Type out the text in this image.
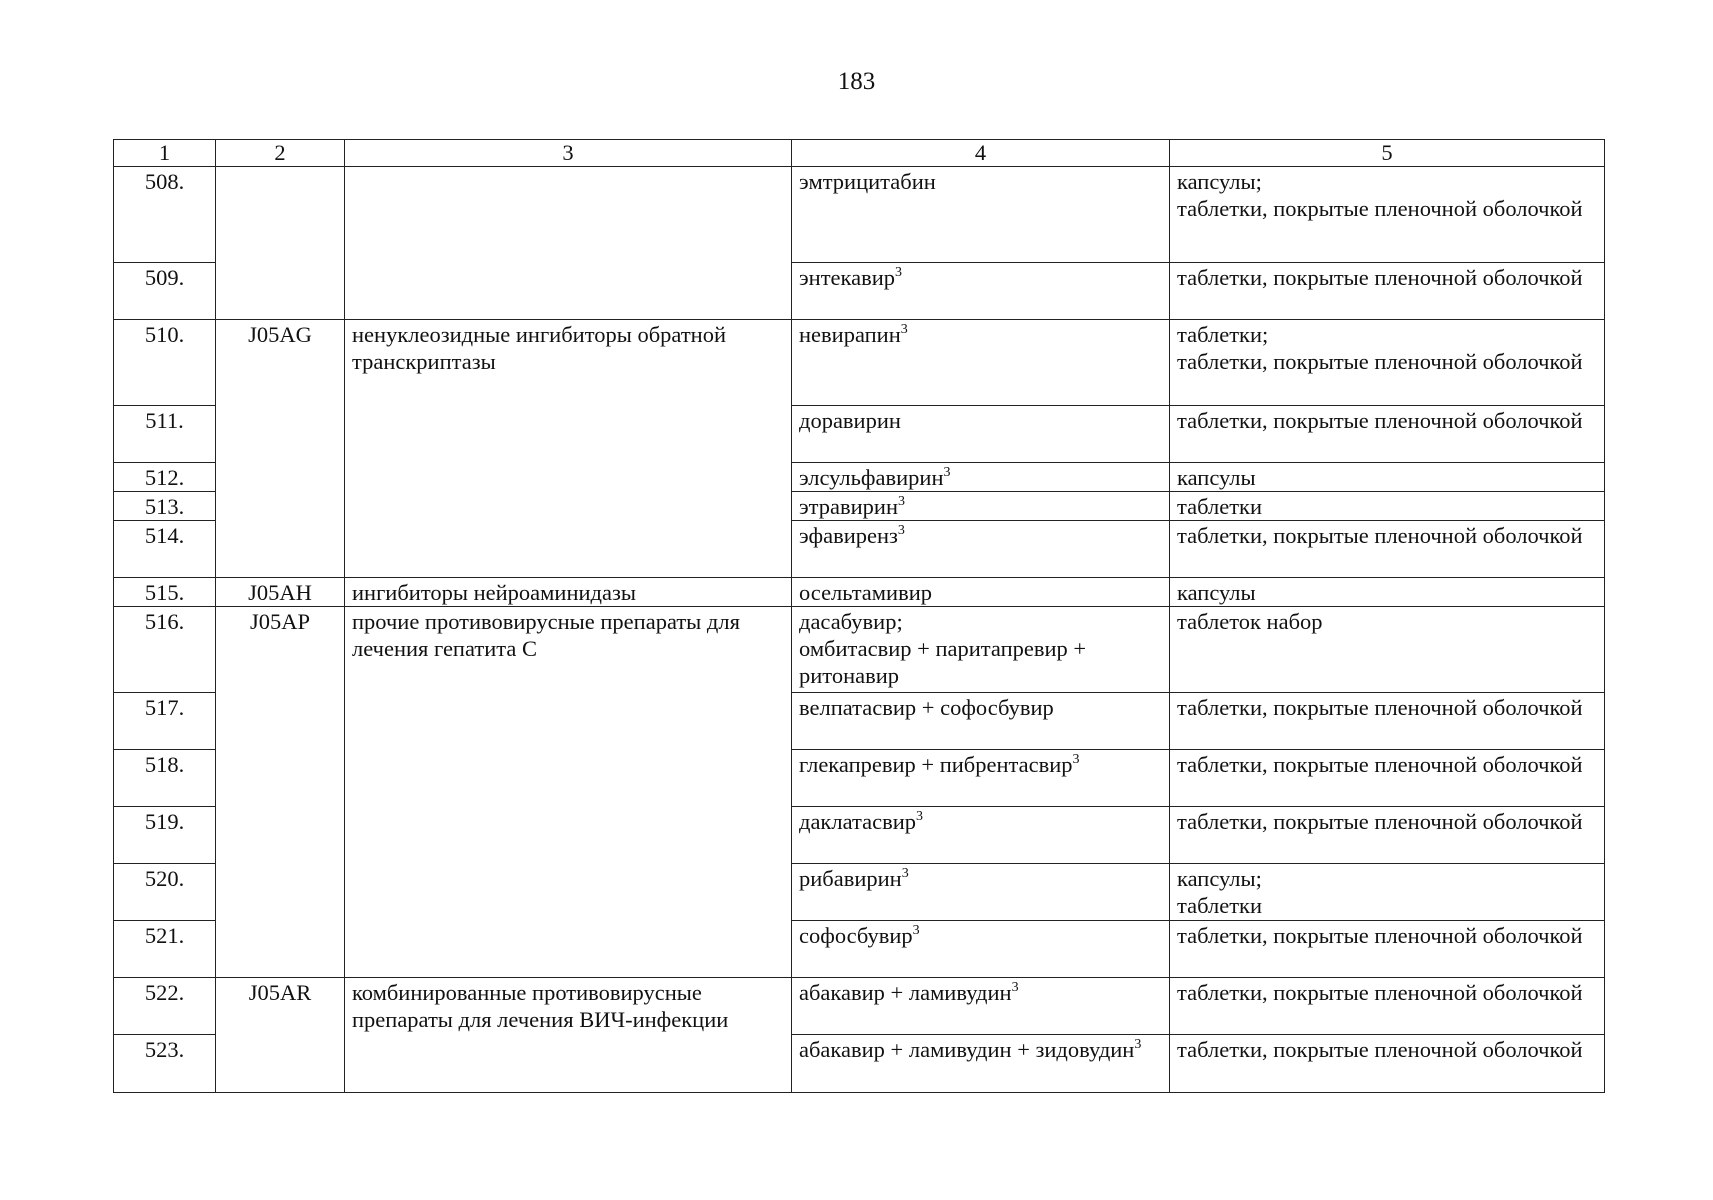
183
1	2	3	4	5
508.			эмтрицитабин	капсулы;
таблетки, покрытые пленочной оболочкой

509.			энтекавир$^3$	таблетки, покрытые пленочной оболочкой

510.	J05AG	ненуклеозидные ингибиторы обратной транскриптазы	невирапин$^3$	таблетки;
таблетки, покрытые пленочной оболочкой

511.			доравирин	таблетки, покрытые пленочной оболочкой

512.			элсульфавирин$^3$	капсулы

513.			этравирин$^3$	таблетки

514.			эфавиренз$^3$	таблетки, покрытые пленочной оболочкой

515.	J05AH	ингибиторы нейроаминидазы	осельтамивир	капсулы

516.	J05AP	прочие противовирусные препараты для лечения гепатита С	дасабувир;
омбитасвир + паритапревир + ритонавир	таблеток набор

517.			велпатасвир + софосбувир	таблетки, покрытые пленочной оболочкой

518.			глекапревир + пибрентасвир$^3$	таблетки, покрытые пленочной оболочкой

519.			даклатасвир$^3$	таблетки, покрытые пленочной оболочкой

520.			рибавирин$^3$	капсулы;
таблетки

521.			софосбувир$^3$	таблетки, покрытые пленочной оболочкой

522.	J05AR	комбинированные противовирусные препараты для лечения ВИЧ-инфекции	абакавир + ламивудин$^3$	таблетки, покрытые пленочной оболочкой

523.			абакавир + ламивудин + зидовудин$^3$	таблетки, покрытые пленочной оболочкой
